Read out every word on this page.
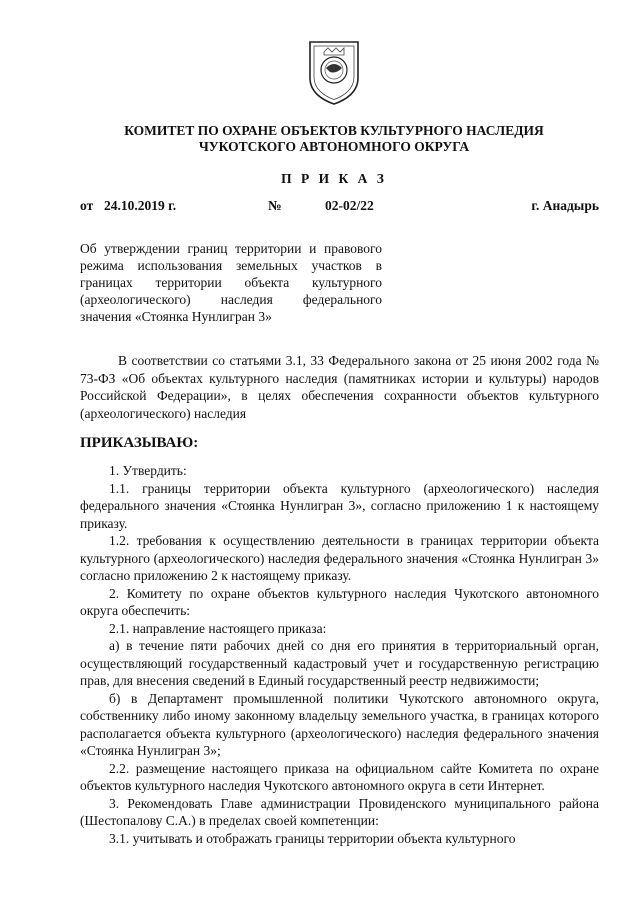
КОМИТЕТ ПО ОХРАНЕ ОБЪЕКТОВ КУЛЬТУРНОГО НАСЛЕДИЯ
ЧУКОТСКОГО АВТОНОМНОГО ОКРУГА
П Р И К А З
от 24.10.2019 г.	№	02-02/22	г. Анадырь
Об утверждении границ территории и правового режима использования земельных участков в границах территории объекта культурного (археологического) наследия федерального значения «Стоянка Нунлигран 3»

В соответствии со статьями 3.1, 33 Федерального закона от 25 июня 2002 года № 73-ФЗ «Об объектах культурного наследия (памятниках истории и культуры) народов Российской Федерации», в целях обеспечения сохранности объектов культурного (археологического) наследия

ПРИКАЗЫВАЮ:

1. Утвердить:

1.1. границы территории объекта культурного (археологического) наследия федерального значения «Стоянка Нунлигран 3», согласно приложению 1 к настоящему приказу.

1.2. требования к осуществлению деятельности в границах территории объекта культурного (археологического) наследия федерального значения «Стоянка Нунлигран 3» согласно приложению 2 к настоящему приказу.

2. Комитету по охране объектов культурного наследия Чукотского автономного округа обеспечить:

2.1. направление настоящего приказа:

а) в течение пяти рабочих дней со дня его принятия в территориальный орган, осуществляющий государственный кадастровый учет и государственную регистрацию прав, для внесения сведений в Единый государственный реестр недвижимости;

б) в Департамент промышленной политики Чукотского автономного округа, собственнику либо иному законному владельцу земельного участка, в границах которого располагается объекта культурного (археологического) наследия федерального значения «Стоянка Нунлигран 3»;

2.2. размещение настоящего приказа на официальном сайте Комитета по охране объектов культурного наследия Чукотского автономного округа в сети Интернет.

3. Рекомендовать Главе администрации Провиденского муниципального района (Шестопалову С.А.) в пределах своей компетенции:

3.1. учитывать и отображать границы территории объекта культурного
